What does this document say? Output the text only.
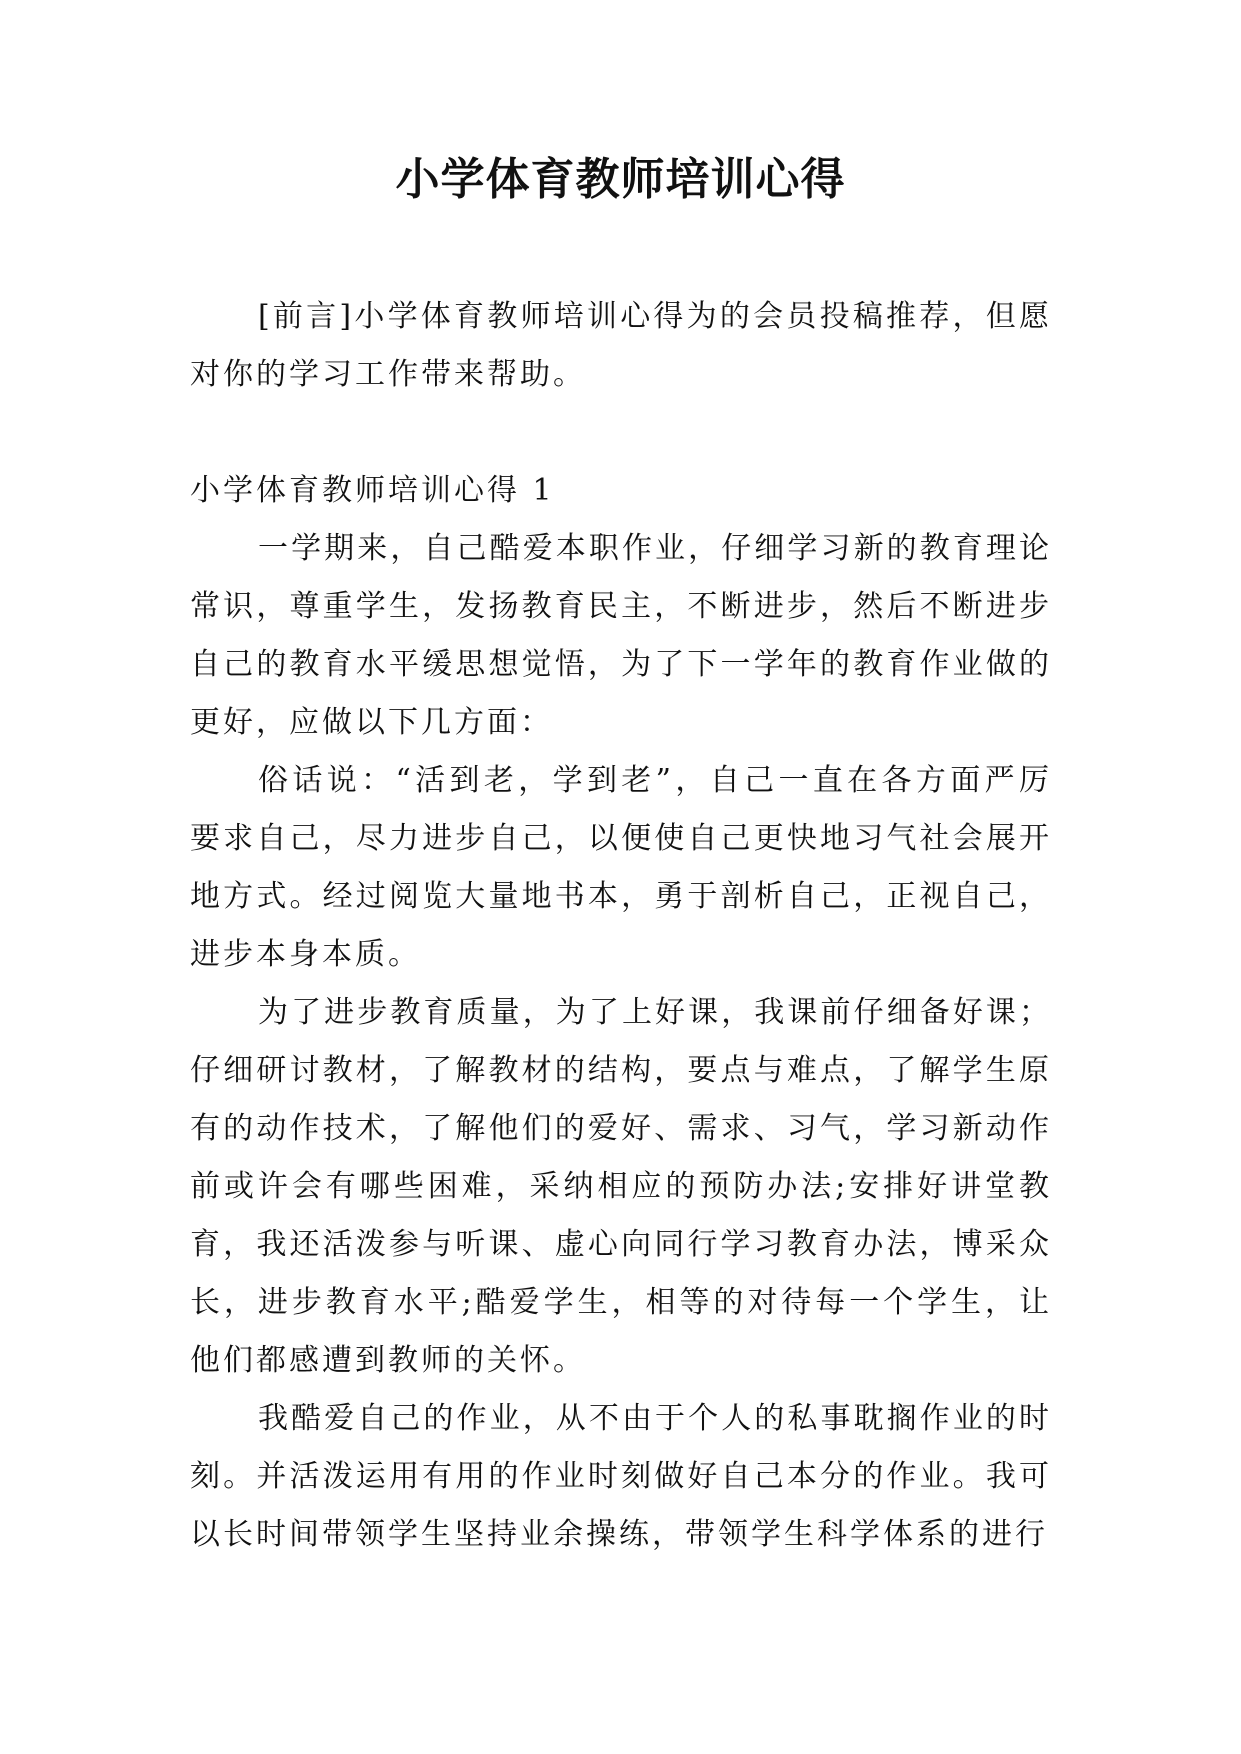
小学体育教师培训心得

[前言]小学体育教师培训心得为的会员投稿推荐，但愿对你的学习工作带来帮助。

小学体育教师培训心得 1

一学期来，自己酷爱本职作业，仔细学习新的教育理论常识，尊重学生，发扬教育民主，不断进步，然后不断进步自己的教育水平缓思想觉悟，为了下一学年的教育作业做的更好，应做以下几方面：

俗话说：“活到老，学到老”，自己一直在各方面严厉要求自己，尽力进步自己，以便使自己更快地习气社会展开地方式。经过阅览大量地书本，勇于剖析自己，正视自己，进步本身本质。

为了进步教育质量，为了上好课，我课前仔细备好课；仔细研讨教材，了解教材的结构，要点与难点，了解学生原有的动作技术，了解他们的爱好、需求、习气，学习新动作前或许会有哪些困难，采纳相应的预防办法;安排好讲堂教育，我还活泼参与听课、虚心向同行学习教育办法，博采众长，进步教育水平;酷爱学生，相等的对待每一个学生，让他们都感遭到教师的关怀。

我酷爱自己的作业，从不由于个人的私事耽搁作业的时刻。并活泼运用有用的作业时刻做好自己本分的作业。我可以长时间带领学生坚持业余操练，带领学生科学体系的进行
